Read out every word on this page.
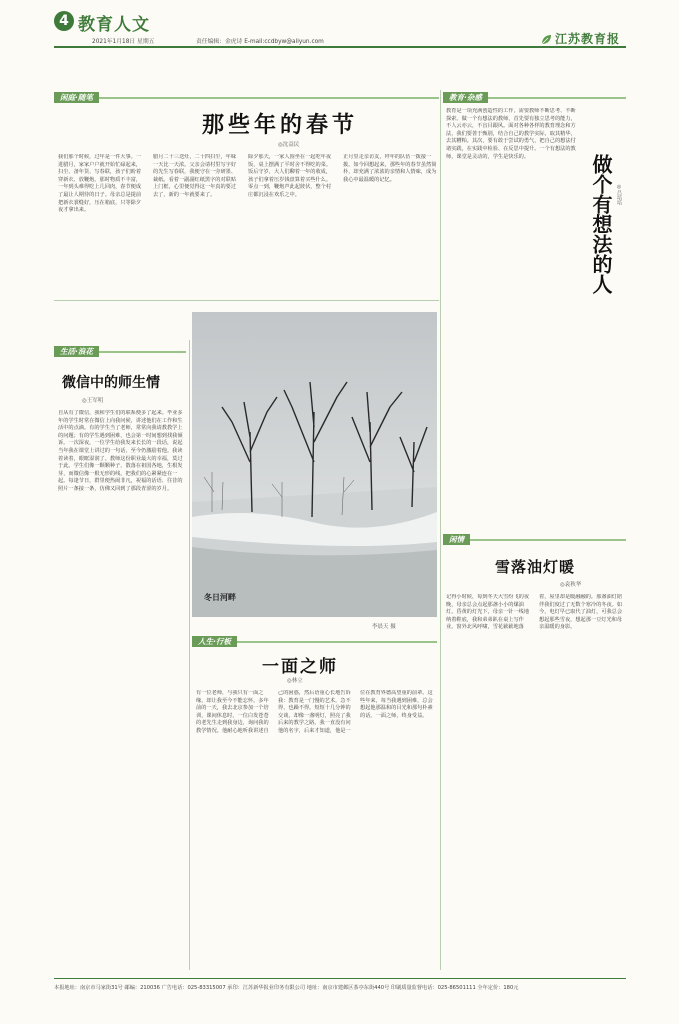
4 教育人文
2021年1月18日 星期五	责任编辑：金虎诗 E-mail:ccdbyw@aliyun.com	江苏教育报
闲庭·随笔
那些年的春节
◎沈益民
我们那个时候，过年是一件大事。一进腊月，家家户户就开始忙碌起来，扫尘、备年货、写春联，孩子们盼着穿新衣、放鞭炮。那时物质不丰富，一年到头难得吃上几回肉，春节便成了最让人期待的日子。母亲总是提前把新衣裳缝好，压在箱底，只等除夕夜才拿出来。
腊月二十三送灶，二十四扫尘，年味一天比一天浓。父亲会请村里写字好的先生写春联，我便守在一旁研墨、裁纸。看着一副副红纸黑字的对联贴上门框，心里便觉得这一年真的要过去了，新的一年就要来了。
除夕那天，一家人围坐在一起吃年夜饭，桌上摆满了平时舍不得吃的菜。饭后守岁，大人们聊着一年的收成，孩子们拿着压岁钱盘算着买些什么。零点一到，鞭炮声此起彼伏，整个村庄都沉浸在欢乐之中。
正月里走亲访友，拜年的队伍一拨接一拨。如今回想起来，那些年的春节虽然简朴，却充满了浓浓的亲情和人情味，成为我心中最温暖的记忆。
教育·杂感
教育是一项充满创造性的工作，需要教师不断思考、不断探索。做一个有想法的教师，首先要有独立思考的能力，不人云亦云，不盲目跟风。面对各种各样的教育理念和方法，我们要善于甄别，结合自己的教学实际，取其精华，去其糟粕。其次，要有敢于尝试的勇气，把自己的想法付诸实践，在实践中检验、在反思中提升。一个有想法的教师，课堂是灵动的，学生是快乐的。	做个有想法的人 ◎吕培培
生活·浪花
微信中的师生情
◎王军明
自从有了微信，我和学生们的联系便多了起来。毕业多年的学生时常在微信上向我问候，讲述他们在工作和生活中的点滴。有的学生当了老师，常常向我请教教学上的问题；有的学生遇到困难，也会第一时间想到找我倾诉。一次深夜，一位学生给我发来长长的一段话，说起当年我在课堂上讲过的一句话，至今仍激励着他。我读着读着，眼眶湿润了。教师这份职业最大的幸福，莫过于此。学生们像一颗颗种子，散落在祖国各地，生根发芽，而微信像一根无形的线，把我们的心紧紧连在一起。每逢节日，群里便热闹非凡，祝福的话语、往昔的照片一条接一条，仿佛又回到了那段青涩的岁月。
冬日河畔
李晨天 摄
人生·行板
一面之师
◎林立
有一位老师，与我只有一面之缘，却让我至今不能忘怀。多年前的一天，我去北京参加一个培训，课间休息时，一位白发苍苍的老先生走到我身边，询问我的教学情况。他耐心地听我讲述自己的困惑，然后语重心长地告诉我：教育是一门慢的艺术，急不得，也躁不得。短短十几分钟的交谈，却像一盏明灯，照亮了我后来的教学之路。我一直没有问他的名字，后来才知道，他是一位在教育界德高望重的前辈。这些年来，每当我遇到困难，总会想起他那温和的目光和那句朴素的话。一面之师，终身受益。
闲情
雪落油灯暖
◎袁秋华
记得小时候，每到冬天大雪纷飞的夜晚，母亲总会点起那盏小小的煤油灯。昏黄的灯光下，母亲一针一线地纳着鞋底，我和弟弟趴在桌上写作业。窗外北风呼啸，雪花簌簌地落着，屋里却是暖融融的。那盏油灯陪伴我们度过了无数个寒冷的冬夜。如今，电灯早已取代了油灯，可我总会想起那些雪夜，想起那一豆灯光和母亲温暖的身影。
本报地址：南京市马家街31号 邮编：210036 广告电话：025-83315007 承印：江苏新华报业印务有限公司 地址：南京市建邺区茶亭东街440号 印刷质量监督电话：025-86501111 全年定价：180元
